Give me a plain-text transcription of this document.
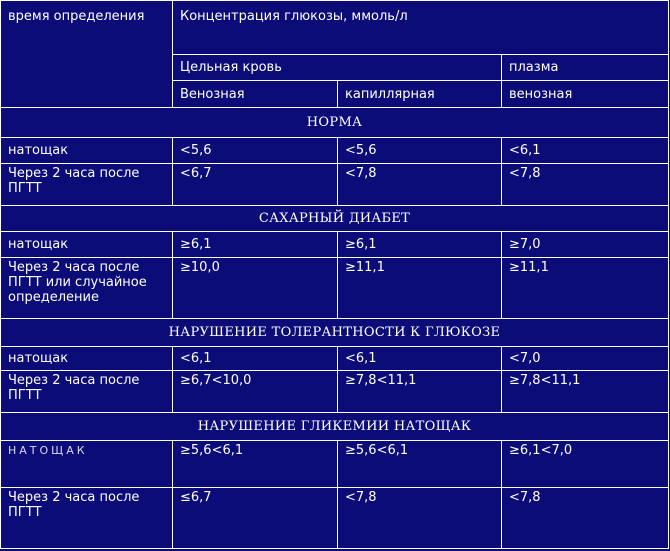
время определения	Концентрация глюкозы, ммоль/л		
	Цельная кровь		плазма
	Венозная	капиллярная	венозная
НОРМА			
натощак	<5,6	<5,6	<6,1
Через 2 часа после ПГТТ	<6,7	<7,8	<7,8
САХАРНЫЙ ДИАБЕТ			
натощак	≥6,1	≥6,1	≥7,0
Через 2 часа после ПГТТ или случайное определение	≥10,0	≥11,1	≥11,1
НАРУШЕНИЕ ТОЛЕРАНТНОСТИ К ГЛЮКОЗЕ			
натощак	<6,1	<6,1	<7,0
Через 2 часа после ПГТТ	≥6,7<10,0	≥7,8<11,1	≥7,8<11,1
НАРУШЕНИЕ ГЛИКЕМИИ НАТОЩАК			
НАТОЩАК	≥5,6<6,1	≥5,6<6,1	≥6,1<7,0
Через 2 часа после ПГТТ	≤6,7	<7,8	<7,8
